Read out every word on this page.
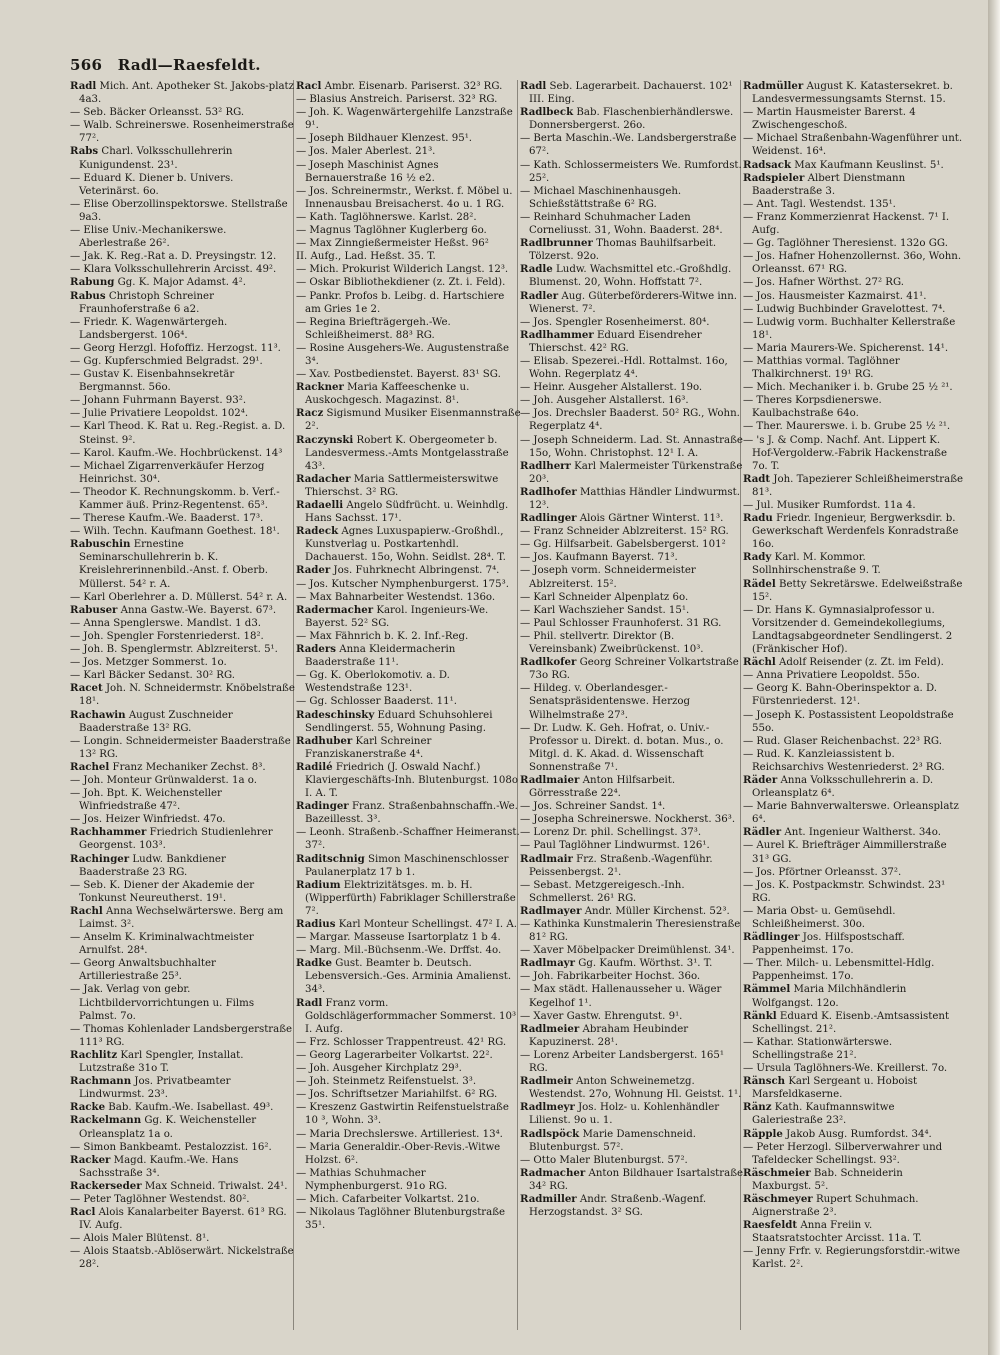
566 Radl—Raesfeldt.

Radl Mich. Ant. Apotheker St. Jakobs-platz 4a3.

— Seb. Bäcker Orleansst. 53² RG.

— Walb. Schreinerswe. Rosenheimerstraße 77².

Rabs Charl. Volksschullehrerin Kunigundenst. 23¹.

— Eduard K. Diener b. Univers. Veterinärst. 6o.

— Elise Oberzollinspektorswe. Stellstraße 9a3.

— Elise Univ.-Mechanikerswe. Aberlestraße 26².

— Jak. K. Reg.-Rat a. D. Preysingstr. 12.

— Klara Volksschullehrerin Arcisst. 49².

Rabung Gg. K. Major Adamst. 4².

Rabus Christoph Schreiner Fraunhoferstraße 6 a2.

— Friedr. K. Wagenwärtergeh. Landsbergerst. 106⁴.

— Georg Herzgl. Hofoffiz. Herzogst. 11³.

— Gg. Kupferschmied Belgradst. 29¹.

— Gustav K. Eisenbahnsekretär Bergmannst. 56o.

— Johann Fuhrmann Bayerst. 93².

— Julie Privatiere Leopoldst. 102⁴.

— Karl Theod. K. Rat u. Reg.-Regist. a. D. Steinst. 9².

— Karol. Kaufm.-We. Hochbrückenst. 14³

— Michael Zigarrenverkäufer Herzog Heinrichst. 30⁴.

— Theodor K. Rechnungskomm. b. Verf.-Kammer äuß. Prinz-Regentenst. 65³.

— Therese Kaufm.-We. Baaderst. 17³.

— Wilh. Techn. Kaufmann Goethest. 18¹.

Rabuschin Ernestine Seminarschullehrerin b. K. Kreislehrerinnenbild.-Anst. f. Oberb. Müllerst. 54² r. A.

— Karl Oberlehrer a. D. Müllerst. 54² r. A.

Rabuser Anna Gastw.-We. Bayerst. 67³.

— Anna Spenglerswe. Mandlst. 1 d3.

— Joh. Spengler Forstenriederst. 18².

— Joh. B. Spenglermstr. Ablzreiterst. 5¹.

— Jos. Metzger Sommerst. 1o.

— Karl Bäcker Sedanst. 30² RG.

Racet Joh. N. Schneidermstr. Knöbelstraße 18¹.

Rachawin August Zuschneider Baaderstraße 13² RG.

— Longin. Schneidermeister Baaderstraße 13² RG.

Rachel Franz Mechaniker Zechst. 8³.

— Joh. Monteur Grünwalderst. 1a o.

— Joh. Bpt. K. Weichensteller Winfriedstraße 47².

— Jos. Heizer Winfriedst. 47o.

Rachhammer Friedrich Studienlehrer Georgenst. 103³.

Rachinger Ludw. Bankdiener Baaderstraße 23 RG.

— Seb. K. Diener der Akademie der Tonkunst Neureutherst. 19¹.

Rachl Anna Wechselwärterswe. Berg am Laimst. 3².

— Anselm K. Kriminalwachtmeister Arnulfst. 28⁴.

— Georg Anwaltsbuchhalter Artilleriestraße 25³.

— Jak. Verlag von gebr. Lichtbildervorrichtungen u. Films Palmst. 7o.

— Thomas Kohlenlader Landsbergerstraße 111³ RG.

Rachlitz Karl Spengler, Installat. Lutzstraße 31o T.

Rachmann Jos. Privatbeamter Lindwurmst. 23³.

Racke Bab. Kaufm.-We. Isabellast. 49³.

Rackelmann Gg. K. Weichensteller Orleansplatz 1a o.

— Simon Bankbeamt. Pestalozzist. 16².

Racker Magd. Kaufm.-We. Hans Sachsstraße 3⁴.

Rackerseder Max Schneid. Triwalst. 24¹.

— Peter Taglöhner Westendst. 80².

Racl Alois Kanalarbeiter Bayerst. 61³ RG. IV. Aufg.

— Alois Maler Blütenst. 8¹.

— Alois Staatsb.-Ablöserwärt. Nickelstraße 28².

Racl Ambr. Eisenarb. Pariserst. 32³ RG.

— Blasius Anstreich. Pariserst. 32³ RG.

— Joh. K. Wagenwärtergehilfe Lanzstraße 9¹.

— Joseph Bildhauer Klenzest. 95¹.

— Jos. Maler Aberlest. 21³.

— Joseph Maschinist Agnes Bernauerstraße 16 ½ e2.

— Jos. Schreinermstr., Werkst. f. Möbel u. Innenausbau Breisacherst. 4o u. 1 RG.

— Kath. Taglöhnerswe. Karlst. 28².

— Magnus Taglöhner Kuglerberg 6o.

— Max Zinngießermeister Heßst. 96²

II. Aufg., Lad. Heßst. 35. T.

— Mich. Prokurist Wilderich Langst. 12³.

— Oskar Bibliothekdiener (z. Zt. i. Feld).

— Pankr. Profos b. Leibg. d. Hartschiere am Gries 1e 2.

— Regina Briefträgergeh.-We. Schleißheimerst. 88³ RG.

— Rosine Ausgehers-We. Augustenstraße 3⁴.

— Xav. Postbedienstet. Bayerst. 83¹ SG.

Rackner Maria Kaffeeschenke u. Auskochgesch. Magazinst. 8¹.

Racz Sigismund Musiker Eisenmannstraße 2².

Raczynski Robert K. Obergeometer b. Landesvermess.-Amts Montgelasstraße 43³.

Radacher Maria Sattlermeisterswitwe Thierschst. 3² RG.

Radaelli Angelo Südfrücht. u. Weinhdlg. Hans Sachsst. 17¹.

Radeck Agnes Luxuspapierw.-Großhdl., Kunstverlag u. Postkartenhdl. Dachauerst. 15o, Wohn. Seidlst. 28⁴. T.

Rader Jos. Fuhrknecht Albringenst. 7⁴.

— Jos. Kutscher Nymphenburgerst. 175³.

— Max Bahnarbeiter Westendst. 136o.

Radermacher Karol. Ingenieurs-We. Bayerst. 52² SG.

— Max Fähnrich b. K. 2. Inf.-Reg.

Raders Anna Kleidermacherin Baaderstraße 11¹.

— Gg. K. Oberlokomotiv. a. D. Westendstraße 123¹.

— Gg. Schlosser Baaderst. 11¹.

Radeschinsky Eduard Schuhsohlerei Sendlingerst. 55, Wohnung Pasing.

Radhuber Karl Schreiner Franziskanerstraße 4⁴.

Radilé Friedrich (J. Oswald Nachf.) Klaviergeschäfts-Inh. Blutenburgst. 108o I. A. T.

Radinger Franz. Straßenbahnschaffn.-We. Bazeillesst. 3³.

— Leonh. Straßenb.-Schaffner Heimeranst. 37².

Raditschnig Simon Maschinenschlosser Paulanerplatz 17 b 1.

Radium Elektrizitätsges. m. b. H. (Wipperfürth) Fabriklager Schillerstraße 7².

Radius Karl Monteur Schellingst. 47² I. A.

— Margar. Masseuse Isartorplatz 1 b 4.

— Marg. Mil.-Büchsenm.-We. Drffst. 4o.

Radke Gust. Beamter b. Deutsch. Lebensversich.-Ges. Arminia Amalienst. 34³.

Radl Franz vorm. Goldschlägerformmacher Sommerst. 10³ I. Aufg.

— Frz. Schlosser Trappentreust. 42¹ RG.

— Georg Lagerarbeiter Volkartst. 22².

— Joh. Ausgeher Kirchplatz 29³.

— Joh. Steinmetz Reifenstuelst. 3³.

— Jos. Schriftsetzer Mariahilfst. 6² RG.

— Kreszenz Gastwirtin Reifenstuelstraße 10 ³, Wohn. 3³.

— Maria Drechslerswe. Artilleriest. 13⁴.

— Maria Generaldir.-Ober-Revis.-Witwe Holzst. 6².

— Mathias Schuhmacher Nymphenburgerst. 91o RG.

— Mich. Cafarbeiter Volkartst. 21o.

— Nikolaus Taglöhner Blutenburgstraße 35¹.

Radl Seb. Lagerarbeit. Dachauerst. 102¹ III. Eing.

Radlbeck Bab. Flaschenbierhändlerswe. Donnersbergerst. 26o.

— Berta Maschin.-We. Landsbergerstraße 67².

— Kath. Schlossermeisters We. Rumfordst. 25².

— Michael Maschinenhausgeh. Schießstättstraße 6² RG.

— Reinhard Schuhmacher Laden Corneliusst. 31, Wohn. Baaderst. 28⁴.

Radlbrunner Thomas Bauhilfsarbeit. Tölzerst. 92o.

Radle Ludw. Wachsmittel etc.-Großhdlg. Blumenst. 20, Wohn. Hoffstatt 7².

Radler Aug. Güterbeförderers-Witwe inn. Wienerst. 7².

— Jos. Spengler Rosenheimerst. 80⁴.

Radlhammer Eduard Eisendreher Thierschst. 42² RG.

— Elisab. Spezerei.-Hdl. Rottalmst. 16o, Wohn. Regerplatz 4⁴.

— Heinr. Ausgeher Alstallerst. 19o.

— Joh. Ausgeher Alstallerst. 16³.

— Jos. Drechsler Baaderst. 50² RG., Wohn. Regerplatz 4⁴.

— Joseph Schneiderm. Lad. St. Annastraße 15o, Wohn. Christophst. 12¹ I. A.

Radlherr Karl Malermeister Türkenstraße 20³.

Radlhofer Matthias Händler Lindwurmst. 12³.

Radlinger Alois Gärtner Winterst. 11³.

— Franz Schneider Ablzreiterst. 15² RG.

— Gg. Hilfsarbeit. Gabelsbergerst. 101²

— Jos. Kaufmann Bayerst. 71³.

— Joseph vorm. Schneidermeister Ablzreiterst. 15².

— Karl Schneider Alpenplatz 6o.

— Karl Wachszieher Sandst. 15¹.

— Paul Schlosser Fraunhoferst. 31 RG.

— Phil. stellvertr. Direktor (B. Vereinsbank) Zweibrückenst. 10³.

Radlkofer Georg Schreiner Volkartstraße 73o RG.

— Hildeg. v. Oberlandesger.-Senatspräsidentenswe. Herzog Wilhelmstraße 27³.

— Dr. Ludw. K. Geh. Hofrat, o. Univ.-Professor u. Direkt. d. botan. Mus., o. Mitgl. d. K. Akad. d. Wissenschaft Sonnenstraße 7¹.

Radlmaier Anton Hilfsarbeit. Görresstraße 22⁴.

— Jos. Schreiner Sandst. 1⁴.

— Josepha Schreinerswe. Nockherst. 36³.

— Lorenz Dr. phil. Schellingst. 37³.

— Paul Taglöhner Lindwurmst. 126¹.

Radlmair Frz. Straßenb.-Wagenführ. Peissenbergst. 2¹.

— Sebast. Metzgereigesch.-Inh. Schmellerst. 26¹ RG.

Radlmayer Andr. Müller Kirchenst. 52³.

— Kathinka Kunstmalerin Theresienstraße 81² RG.

— Xaver Möbelpacker Dreimühlenst. 34¹.

Radlmayr Gg. Kaufm. Wörthst. 3¹. T.

— Joh. Fabrikarbeiter Hochst. 36o.

— Max städt. Hallenausseher u. Wäger Kegelhof 1¹.

— Xaver Gastw. Ehrengutst. 9¹.

Radlmeier Abraham Heubinder Kapuzinerst. 28¹.

— Lorenz Arbeiter Landsbergerst. 165¹ RG.

Radlmeir Anton Schweinemetzg. Westendst. 27o, Wohnung Hl. Geistst. 1¹.

Radlmeyr Jos. Holz- u. Kohlenhändler Lilienst. 9o u. 1.

Radlspöck Marie Damenschneid. Blutenburgst. 57².

— Otto Maler Blutenburgst. 57².

Radmacher Anton Bildhauer Isartalstraße 34² RG.

Radmiller Andr. Straßenb.-Wagenf. Herzogstandst. 3² SG.

Radmüller August K. Katastersekret. b. Landesvermessungsamts Sternst. 15.

— Martin Hausmeister Barerst. 4 Zwischengeschoß.

— Michael Straßenbahn-Wagenführer unt. Weidenst. 16⁴.

Radsack Max Kaufmann Keuslinst. 5¹.

Radspieler Albert Dienstmann Baaderstraße 3.

— Ant. Tagl. Westendst. 135¹.

— Franz Kommerzienrat Hackenst. 7¹ I. Aufg.

— Gg. Taglöhner Theresienst. 132o GG.

— Jos. Hafner Hohenzollernst. 36o, Wohn. Orleansst. 67¹ RG.

— Jos. Hafner Wörthst. 27² RG.

— Jos. Hausmeister Kazmairst. 41¹.

— Ludwig Buchbinder Gravelottest. 7⁴.

— Ludwig vorm. Buchhalter Kellerstraße 18¹.

— Maria Maurers-We. Spicherenst. 14¹.

— Matthias vormal. Taglöhner Thalkirchnerst. 19¹ RG.

— Mich. Mechaniker i. b. Grube 25 ½ ²¹.

— Theres Korpsdienerswe. Kaulbachstraße 64o.

— Ther. Maurerswe. i. b. Grube 25 ½ ²¹.

— 's J. & Comp. Nachf. Ant. Lippert K. Hof-Vergolderw.-Fabrik Hackenstraße 7o. T.

Radt Joh. Tapezierer Schleißheimerstraße 81³.

— Jul. Musiker Rumfordst. 11a 4.

Radu Friedr. Ingenieur, Bergwerksdir. b. Gewerkschaft Werdenfels Konradstraße 16o.

Rady Karl. M. Kommor. Sollnhirschenstraße 9. T.

Rädel Betty Sekretärswe. Edelweißstraße 15².

— Dr. Hans K. Gymnasialprofessor u. Vorsitzender d. Gemeindekollegiums, Landtagsabgeordneter Sendlingerst. 2 (Fränkischer Hof).

Rächl Adolf Reisender (z. Zt. im Feld).

— Anna Privatiere Leopoldst. 55o.

— Georg K. Bahn-Oberinspektor a. D. Fürstenriederst. 12¹.

— Joseph K. Postassistent Leopoldstraße 55o.

— Rud. Glaser Reichenbachst. 22³ RG.

— Rud. K. Kanzleiassistent b. Reichsarchivs Westenriederst. 2³ RG.

Räder Anna Volksschullehrerin a. D. Orleansplatz 6⁴.

— Marie Bahnverwalterswe. Orleansplatz 6⁴.

Rädler Ant. Ingenieur Waltherst. 34o.

— Aurel K. Briefträger Aimmillerstraße 31³ GG.

— Jos. Pförtner Orleansst. 37².

— Jos. K. Postpackmstr. Schwindst. 23¹ RG.

— Maria Obst- u. Gemüsehdl. Schleißheimerst. 30o.

Rädlinger Jos. Hilfspostschaff. Pappenheimst. 17o.

— Ther. Milch- u. Lebensmittel-Hdlg. Pappenheimst. 17o.

Rämmel Maria Milchhändlerin Wolfgangst. 12o.

Ränkl Eduard K. Eisenb.-Amtsassistent Schellingst. 21².

— Kathar. Stationwärterswe. Schellingstraße 21².

— Ursula Taglöhners-We. Kreillerst. 7o.

Ränsch Karl Sergeant u. Hoboist Marsfeldkaserne.

Ränz Kath. Kaufmannswitwe Galeriestraße 23².

Räpple Jakob Ausg. Rumfordst. 34⁴.

— Peter Herzogl. Silberverwahrer und Tafeldecker Schellingst. 93².

Räschmeier Bab. Schneiderin Maxburgst. 5².

Räschmeyer Rupert Schuhmach. Aignerstraße 2³.

Raesfeldt Anna Freiin v. Staatsratstochter Arcisst. 11a. T.

— Jenny Frfr. v. Regierungsforstdir.-witwe Karlst. 2².
